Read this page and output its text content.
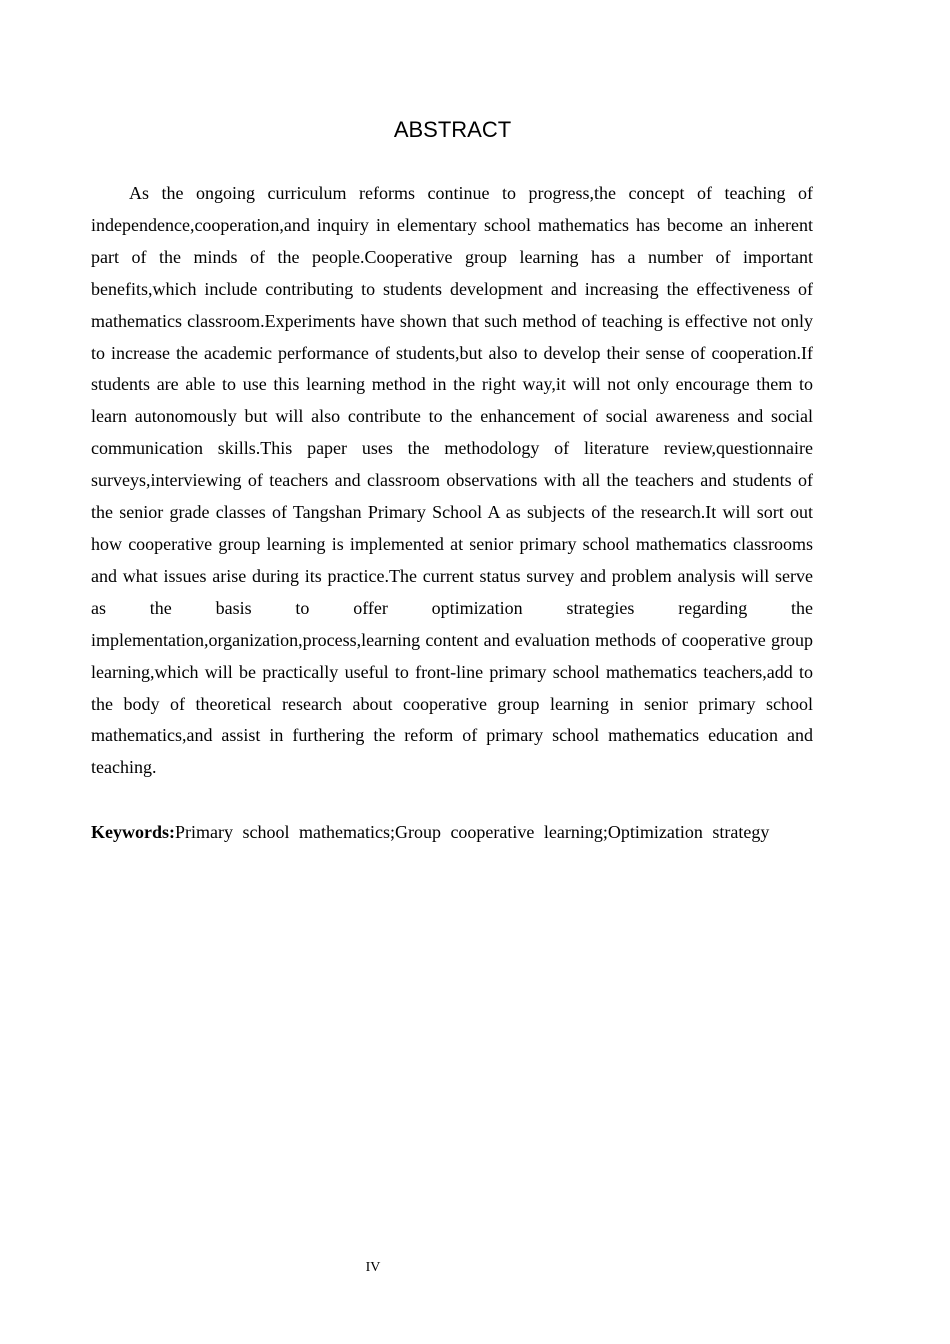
ABSTRACT

As the ongoing curriculum reforms continue to progress,the concept of teaching of independence,cooperation,and inquiry in elementary school mathematics has become an inherent part of the minds of the people.Cooperative group learning has a number of important benefits,which include contributing to students development and increasing the effectiveness of mathematics classroom.Experiments have shown that such method of teaching is effective not only to increase the academic performance of students,but also to develop their sense of cooperation.If students are able to use this learning method in the right way,it will not only encourage them to learn autonomously but will also contribute to the enhancement of social awareness and social communication skills.This paper uses the methodology of literature review,questionnaire surveys,interviewing of teachers and classroom observations with all the teachers and students of the senior grade classes of Tangshan Primary School A as subjects of the research.It will sort out how cooperative group learning is implemented at senior primary school mathematics classrooms and what issues arise during its practice.The current status survey and problem analysis will serve as the basis to offer optimization strategies regarding the implementation,organization,process,learning content and evaluation methods of cooperative group learning,which will be practically useful to front-line primary school mathematics teachers,add to the body of theoretical research about cooperative group learning in senior primary school mathematics,and assist in furthering the reform of primary school mathematics education and teaching.

Keywords:Primary school mathematics;Group cooperative learning;Optimization strategy

IV
